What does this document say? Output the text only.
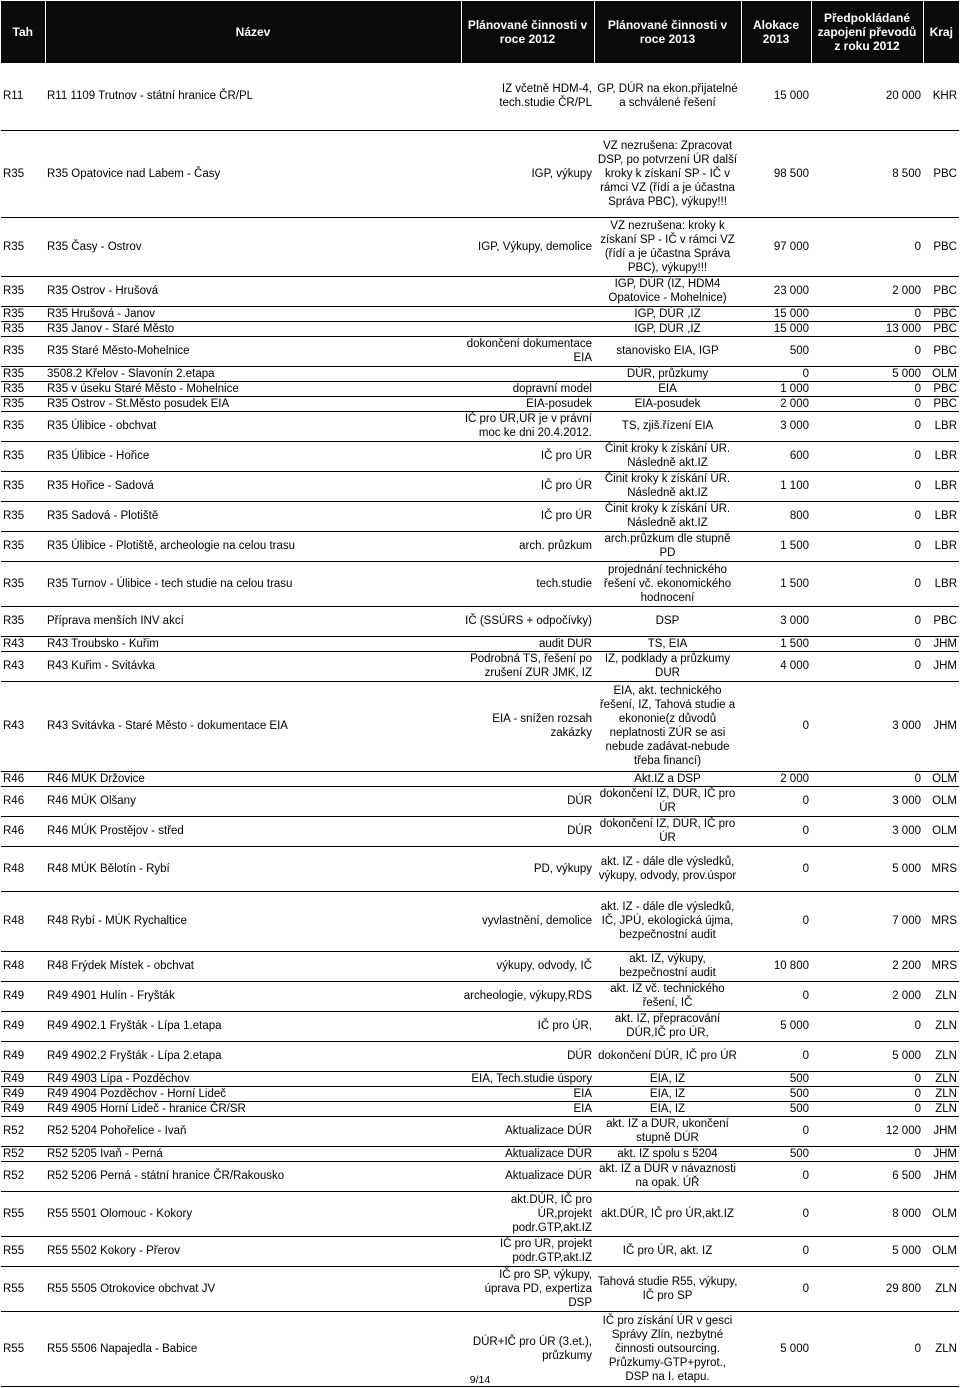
Tah	Název	Plánované činnosti v roce 2012	Plánované činnosti v roce 2013	Alokace 2013	Předpokládané zapojení převodů z roku 2012	Kraj
R11	R11 1109 Trutnov - státní hranice ČR/PL	IZ včetně HDM-4, tech.studie ČR/PL	GP, DÚR na ekon.přijatelné a schválené řešení	15 000	20 000	KHR
R35	R35 Opatovice nad Labem - Časy	IGP, výkupy	VZ nezrušena: Zpracovat DSP, po potvrzení ÚR další kroky k získaní SP - IČ v rámci VZ (řídí a je účastna Správa PBC), výkupy!!!	98 500	8 500	PBC
R35	R35 Časy - Ostrov	IGP, Výkupy, demolice	VZ nezrušena: kroky k získaní SP - IČ v rámci VZ (řídí a je účastna Správa PBC), výkupy!!!	97 000	0	PBC
R35	R35 Ostrov - Hrušová		IGP, DÚR (IZ, HDM4 Opatovice - Mohelnice)	23 000	2 000	PBC
R35	R35 Hrušová - Janov		IGP, DÚR ,IZ	15 000	0	PBC
R35	R35 Janov - Staré Město		IGP, DÚR ,IZ	15 000	13 000	PBC
R35	R35 Staré Město-Mohelnice	dokončení dokumentace EIA	stanovisko EIA, IGP	500	0	PBC
R35	3508.2 Křelov - Slavonín 2.etapa		DÚR, průzkumy	0	5 000	OLM
R35	R35 v úseku Staré Město - Mohelnice	dopravní model	EIA	1 000	0	PBC
R35	R35 Ostrov - St.Město posudek EIA	EIA-posudek	EIA-posudek	2 000	0	PBC
R35	R35 Úlibice - obchvat	IČ pro ÚR,ÚR je v právní moc ke dni 20.4.2012.	TS, zjiš.řízení EIA	3 000	0	LBR
R35	R35 Úlibice - Hořice	IČ pro ÚR	Činit kroky k získání ÚR. Následně akt.IZ	600	0	LBR
R35	R35 Hořice - Sadová	IČ pro ÚR	Činit kroky k získání ÚR. Následně akt.IZ	1 100	0	LBR
R35	R35 Sadová - Plotiště	IČ pro ÚR	Činit kroky k získání ÚR. Následně akt.IZ	800	0	LBR
R35	R35 Úlibice - Plotiště, archeologie na celou trasu	arch. průzkum	arch.průzkum dle stupně PD	1 500	0	LBR
R35	R35 Turnov - Úlibice - tech studie na celou trasu	tech.studie	projednání technického řešení vč. ekonomického hodnocení	1 500	0	LBR
R35	Příprava menších INV akcí	IČ (SSÚRS + odpočívky)	DSP	3 000	0	PBC
R43	R43 Troubsko - Kuřim	audit DUR	TS, EIA	1 500	0	JHM
R43	R43 Kuřim - Svitávka	Podrobná TS, řešení po zrušení ZUR JMK, IZ	IZ, podklady a průzkumy DUR	4 000	0	JHM
R43	R43 Svitávka - Staré Město - dokumentace EIA	EIA - snížen rozsah zakázky	EIA, akt. technického řešení, IZ, Tahová studie a ekononie(z důvodů neplatnosti ZÚR se asi nebude zadávat-nebude třeba financí)	0	3 000	JHM
R46	R46 MÚK Držovice		Akt.IZ a DSP	2 000	0	OLM
R46	R46 MÚK Olšany	DÚR	dokončení IZ, DÚR, IČ pro ÚR	0	3 000	OLM
R46	R46 MÚK Prostějov - střed	DÚR	dokončení IZ, DÚR, IČ pro ÚR	0	3 000	OLM
R48	R48 MÚK Bělotín - Rybí	PD, výkupy	akt. IZ - dále dle výsledků, výkupy, odvody, prov.úspor	0	5 000	MRS
R48	R48 Rybí - MÚK Rychaltice	vyvlastnění, demolice	akt. IZ - dále dle výsledků, IČ, JPÚ, ekologická újma, bezpečnostní audit	0	7 000	MRS
R48	R48 Frýdek Místek - obchvat	výkupy, odvody, IČ	akt. IZ, výkupy, bezpečnostní audit	10 800	2 200	MRS
R49	R49 4901 Hulín - Fryšták	archeologie, výkupy,RDS	akt. IZ vč. technického řešení, IČ	0	2 000	ZLN
R49	R49 4902.1 Fryšták - Lípa 1.etapa	IČ pro ÚR,	akt. IZ, přepracování DÚR,IČ pro ÚR,	5 000	0	ZLN
R49	R49 4902.2 Fryšták - Lípa 2.etapa	DÚR	dokončení DÚR, IČ pro ÚR	0	5 000	ZLN
R49	R49 4903 Lípa - Pozděchov	EIA, Tech.studie úspory	EIA, IZ	500	0	ZLN
R49	R49 4904 Pozděchov - Horní Lideč	EIA	EIA, IZ	500	0	ZLN
R49	R49 4905 Horní Lideč - hranice ČR/SR	EIA	EIA, IZ	500	0	ZLN
R52	R52 5204 Pohořelice - Ivaň	Aktualizace DÚR	akt. IZ a DUR, ukončení stupně DÚR	0	12 000	JHM
R52	R52 5205 Ivaň - Perná	Aktualizace DÚR	akt. IZ spolu s 5204	500	0	JHM
R52	R52 5206 Perná - státní hranice ČR/Rakousko	Aktualizace DÚR	akt. IZ a DÚR v návaznosti na opak. ÚŘ	0	6 500	JHM
R55	R55 5501 Olomouc - Kokory	akt.DÚR, IČ pro ÚR,projekt podr.GTP,akt.IZ	akt.DÚR, IČ pro ÚR,akt.IZ	0	8 000	OLM
R55	R55 5502 Kokory - Přerov	IČ pro ÚR, projekt podr.GTP,akt.IZ	IČ pro ÚR, akt. IZ	0	5 000	OLM
R55	R55 5505 Otrokovice obchvat JV	IČ pro SP, výkupy, úprava PD, expertiza DSP	Tahová studie R55, výkupy, IČ pro SP	0	29 800	ZLN
R55	R55 5506 Napajedla - Babice	DÚR+IČ pro ÚR (3.et.), průzkumy	IČ pro získání ÚR v gesci Správy Zlín, nezbytné činnosti outsourcing. Průzkumy-GTP+pyrot., DSP na I. etapu.	5 000	0	ZLN
9/14
